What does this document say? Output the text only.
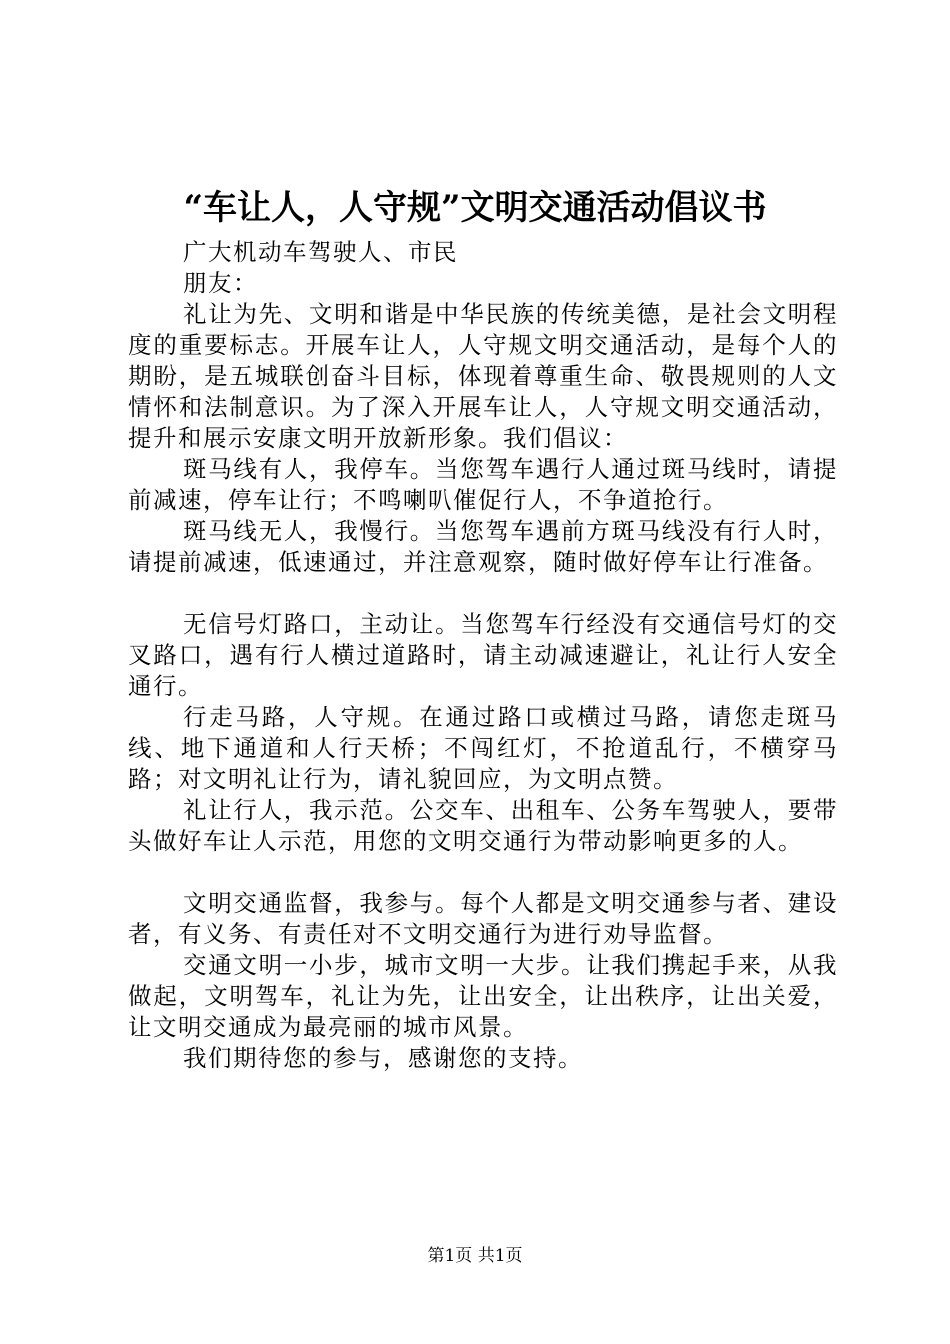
“车让人，人守规”文明交通活动倡议书

广大机动车驾驶人、市民

朋友：

礼让为先、文明和谐是中华民族的传统美德，是社会文明程度的重要标志。开展车让人，人守规文明交通活动，是每个人的期盼，是五城联创奋斗目标，体现着尊重生命、敬畏规则的人文情怀和法制意识。为了深入开展车让人，人守规文明交通活动，提升和展示安康文明开放新形象。我们倡议：

斑马线有人，我停车。当您驾车遇行人通过斑马线时，请提前减速，停车让行；不鸣喇叭催促行人，不争道抢行。

斑马线无人，我慢行。当您驾车遇前方斑马线没有行人时，请提前减速，低速通过，并注意观察，随时做好停车让行准备。

无信号灯路口，主动让。当您驾车行经没有交通信号灯的交叉路口，遇有行人横过道路时，请主动减速避让，礼让行人安全通行。

行走马路，人守规。在通过路口或横过马路，请您走斑马线、地下通道和人行天桥；不闯红灯，不抢道乱行，不横穿马路；对文明礼让行为，请礼貌回应，为文明点赞。

礼让行人，我示范。公交车、出租车、公务车驾驶人，要带头做好车让人示范，用您的文明交通行为带动影响更多的人。

文明交通监督，我参与。每个人都是文明交通参与者、建设者，有义务、有责任对不文明交通行为进行劝导监督。

交通文明一小步，城市文明一大步。让我们携起手来，从我做起，文明驾车，礼让为先，让出安全，让出秩序，让出关爱，让文明交通成为最亮丽的城市风景。

我们期待您的参与，感谢您的支持。

第1页 共1页
